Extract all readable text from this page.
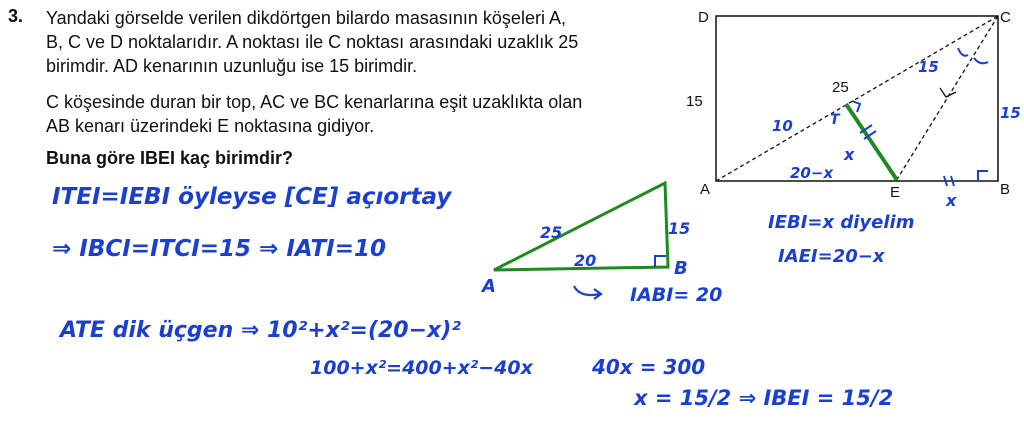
3. Yandaki görselde verilen dikdörtgen bilardo masasının köşeleri A,
B, C ve D noktalarıdır. A noktası ile C noktası arasındaki uzaklık 25
birimdir. AD kenarının uzunluğu ise 15 birimdir.
C köşesinde duran bir top, AC ve BC kenarlarına eşit uzaklıkta olan
AB kenarı üzerindeki E noktasına gidiyor.
Buna göre IBEI kaç birimdir?
D	C
A	B
E
15
25
15
15
10	T
x
20−x
x
25
20
15
A
B
IABI= 20
ITEI=IEBI öyleyse [CE] açıortay
⇒ IBCI=ITCI=15 ⇒ IATI=10
ATE dik üçgen ⇒ 10²+x²=(20−x)²
100+x²=400+x²−40x	40x = 300
x = 15/2 ⇒ IBEI = 15/2
IEBI=x diyelim
IAEI=20−x
